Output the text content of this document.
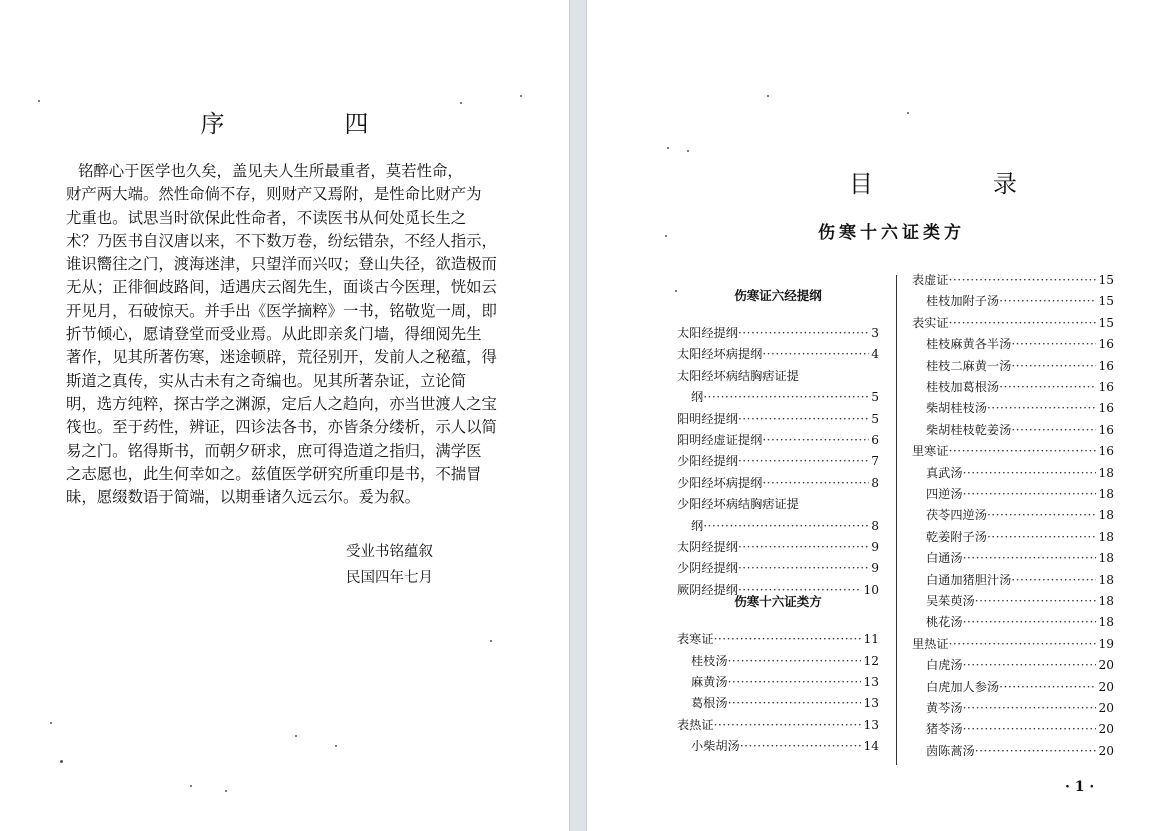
序　四
铭醉心于医学也久矣，盖见夫人生所最重者，莫若性命，
财产两大端。然性命倘不存，则财产又焉附，是性命比财产为
尤重也。试思当时欲保此性命者，不读医书从何处觅长生之
术？乃医书自汉唐以来，不下数万卷，纷纭错杂，不经人指示，
谁识嚮往之门，渡海迷津，只望洋而兴叹；登山失径，欲造极而
无从；正徘徊歧路间，适遇庆云阁先生，面谈古今医理，恍如云
开见月，石破惊天。并手出《医学摘粹》一书，铭敬览一周，即
折节倾心，愿请登堂而受业焉。从此即亲炙门墙，得细阅先生
著作，见其所著伤寒，迷途顿辟，荒径别开，发前人之秘蕴，得
斯道之真传，实从古未有之奇编也。见其所著杂证，立论简
明，选方纯粹，探古学之渊源，定后人之趋向，亦当世渡人之宝
筏也。至于药性，辨证，四诊法各书，亦皆条分缕析，示人以简
易之门。铭得斯书，而朝夕研求，庶可得造道之指归，满学医
之志愿也，此生何幸如之。兹值医学研究所重印是书，不揣冒
昧，愿缀数语于简端，以期垂诸久远云尔。爰为叙。
受业书铭蕴叙
民国四年七月
目　录
伤寒十六证类方
伤寒证六经提纲
太阳经提纲 ·····	3
太阳经坏病提纲 ·····	4
太阳经坏病结胸痞证提
纲 ·····	5
阳明经提纲 ·····	5
阳明经虚证提纲 ·····	6
少阳经提纲 ·····	7
少阳经坏病提纲 ·····	8
少阳经坏病结胸痞证提
纲 ·····	8
太阴经提纲 ·····	9
少阴经提纲 ·····	9
厥阴经提纲 ·····	10
伤寒十六证类方
表寒证 ·····	11
桂枝汤 ·····	12
麻黄汤 ·····	13
葛根汤 ·····	13
表热证 ·····	13
小柴胡汤 ·····	14
表虚证 ·····	15
桂枝加附子汤 ·····	15
表实证 ·····	15
桂枝麻黄各半汤 ·····	16
桂枝二麻黄一汤 ·····	16
桂枝加葛根汤 ·····	16
柴胡桂枝汤 ·····	16
柴胡桂枝乾姜汤 ·····	16
里寒证 ·····	16
真武汤 ·····	18
四逆汤 ·····	18
茯苓四逆汤 ·····	18
乾姜附子汤 ·····	18
白通汤 ·····	18
白通加猪胆汁汤 ·····	18
吴茱萸汤 ·····	18
桃花汤 ·····	18
里热证 ·····	19
白虎汤 ·····	20
白虎加人参汤 ·····	20
黄芩汤 ·····	20
猪苓汤 ·····	20
茵陈蒿汤 ·····	20
· 1 ·
